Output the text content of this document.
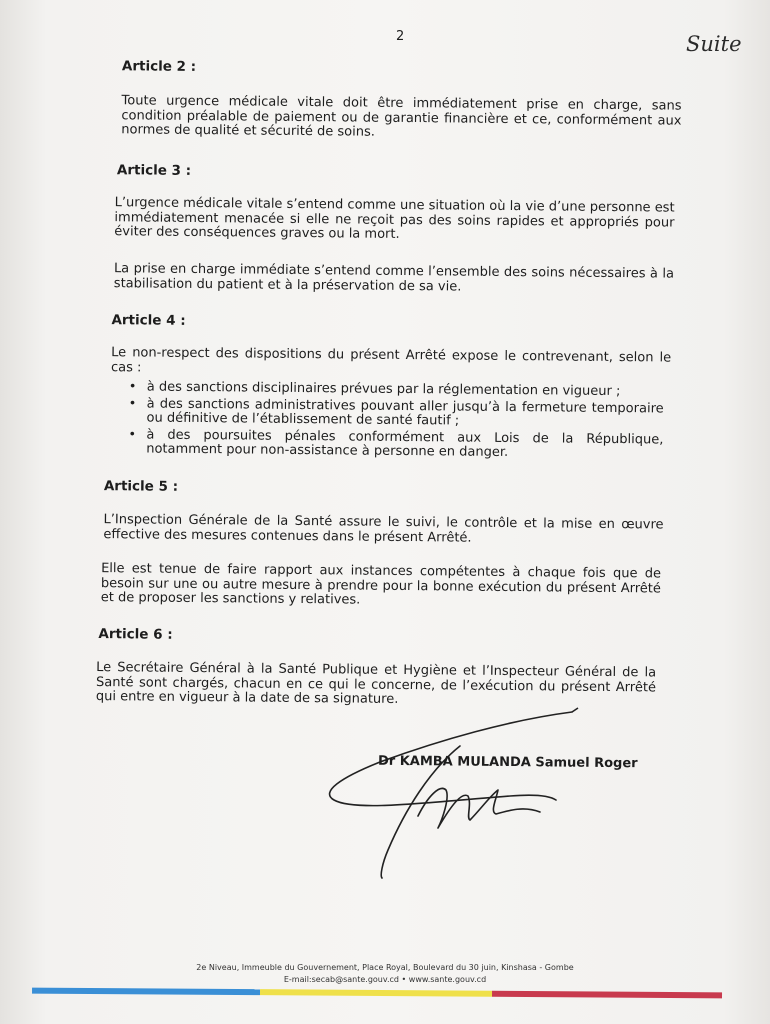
2	Suite
Article 2 :

Toute urgence médicale vitale doit être immédiatement prise en charge, sans condition préalable de paiement ou de garantie financière et ce, conformément aux normes de qualité et sécurité de soins.

Article 3 :

L’urgence médicale vitale s’entend comme une situation où la vie d’une personne est immédiatement menacée si elle ne reçoit pas des soins rapides et appropriés pour éviter des conséquences graves ou la mort.

La prise en charge immédiate s’entend comme l’ensemble des soins nécessaires à la stabilisation du patient et à la préservation de sa vie.

Article 4 :

Le non-respect des dispositions du présent Arrêté expose le contrevenant, selon le cas :

• à des sanctions disciplinaires prévues par la réglementation en vigueur ;
• à des sanctions administratives pouvant aller jusqu’à la fermeture temporaire ou définitive de l’établissement de santé fautif ;
• à des poursuites pénales conformément aux Lois de la République, notamment pour non-assistance à personne en danger.
Article 5 :

L’Inspection Générale de la Santé assure le suivi, le contrôle et la mise en œuvre effective des mesures contenues dans le présent Arrêté.

Elle est tenue de faire rapport aux instances compétentes à chaque fois que de besoin sur une ou autre mesure à prendre pour la bonne exécution du présent Arrêté et de proposer les sanctions y relatives.

Article 6 :

Le Secrétaire Général à la Santé Publique et Hygiène et l’Inspecteur Général de la Santé sont chargés, chacun en ce qui le concerne, de l’exécution du présent Arrêté qui entre en vigueur à la date de sa signature.

Dr KAMBA MULANDA Samuel Roger
2e Niveau, Immeuble du Gouvernement, Place Royal, Boulevard du 30 juin, Kinshasa - Gombe
E-mail:secab@sante.gouv.cd • www.sante.gouv.cd
